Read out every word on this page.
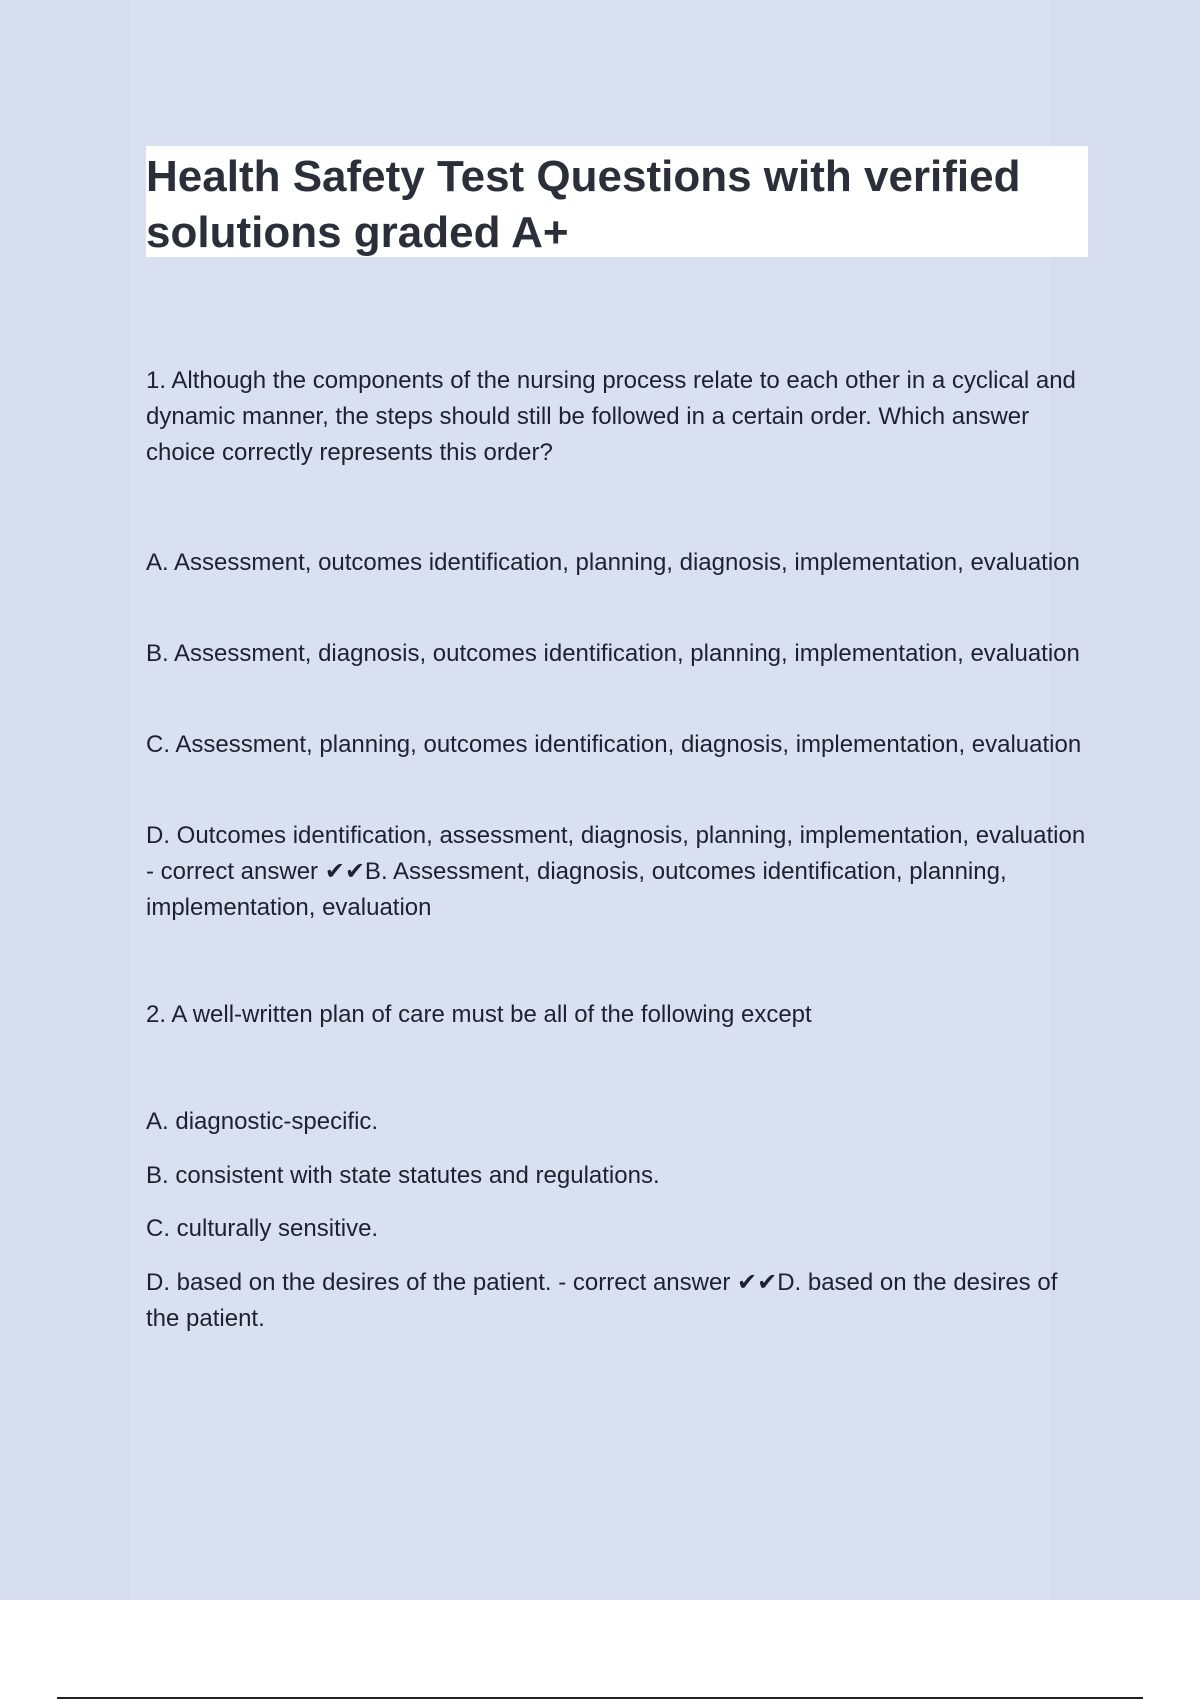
Health Safety Test Questions with verified solutions graded A+

1. Although the components of the nursing process relate to each other in a cyclical and dynamic manner, the steps should still be followed in a certain order. Which answer choice correctly represents this order?

A. Assessment, outcomes identification, planning, diagnosis, implementation, evaluation

B. Assessment, diagnosis, outcomes identification, planning, implementation, evaluation

C. Assessment, planning, outcomes identification, diagnosis, implementation, evaluation

D. Outcomes identification, assessment, diagnosis, planning, implementation, evaluation - correct answer ✔✔B. Assessment, diagnosis, outcomes identification, planning, implementation, evaluation

2. A well-written plan of care must be all of the following except

A. diagnostic-specific.

B. consistent with state statutes and regulations.

C. culturally sensitive.

D. based on the desires of the patient. - correct answer ✔✔D. based on the desires of the patient.
